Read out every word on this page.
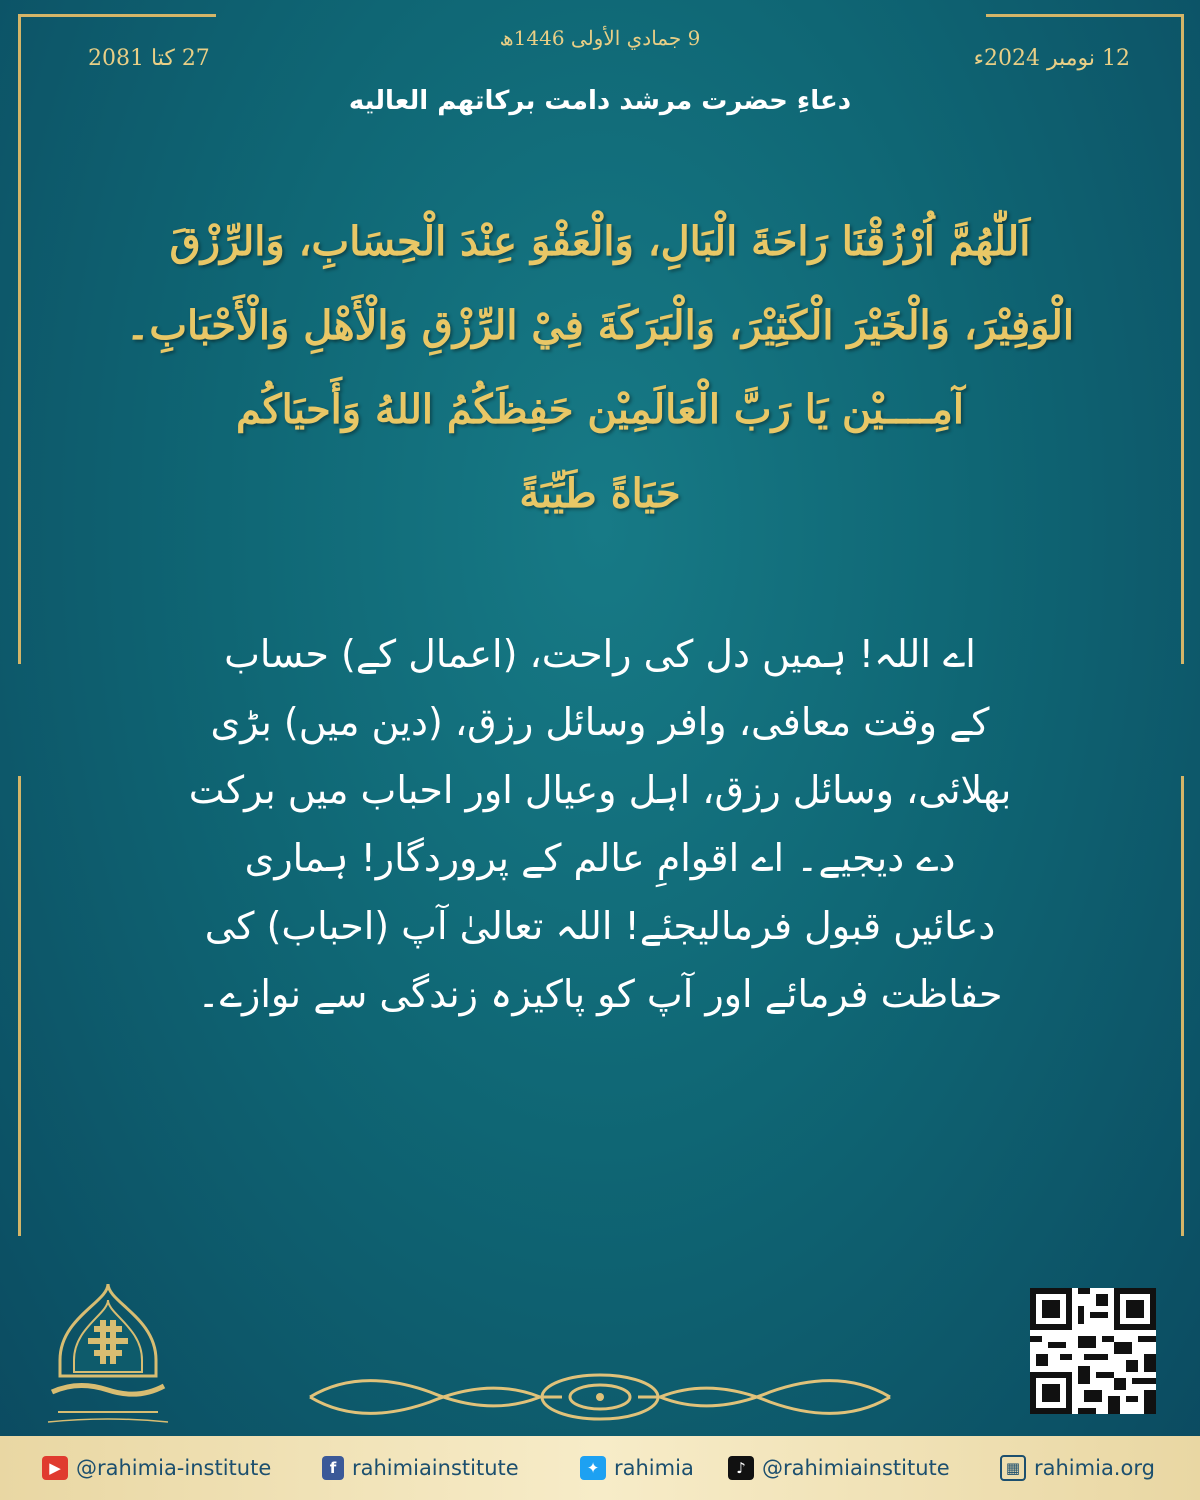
9 جمادي الأولى 1446ھ
12 نومبر 2024ء
27 کتا 2081
دعاءِ حضرت مرشد دامت برکاتهم العالیه
اَللّٰهُمَّ اُرْزُقْنَا رَاحَةَ الْبَالِ، وَالْعَفْوَ عِنْدَ الْحِسَابِ، وَالرِّزْقَ
الْوَفِيْرَ، وَالْخَيْرَ الْكَثِيْرَ، وَالْبَرَكَةَ فِيْ الرِّزْقِ وَالْأَهْلِ وَالْأَحْبَابِ۔
آمِــــيْن يَا رَبَّ الْعَالَمِيْن حَفِظَكُمُ اللهُ وَأَحيَاكُم
حَيَاةً طَيِّبَةً
اے اللہ! ہمیں دل کی راحت، (اعمال کے) حساب
کے وقت معافی، وافر وسائل رزق، (دین میں) بڑی
بھلائی، وسائل رزق، اہل وعیال اور احباب میں برکت
دے دیجیے۔ اے اقوامِ عالم کے پروردگار! ہماری
دعائیں قبول فرمالیجئے! اللہ تعالیٰ آپ (احباب) کی
حفاظت فرمائے اور آپ کو پاکیزہ زندگی سے نوازے۔
▶ @rahimia-institute	f rahimiainstitute	✦ rahimia	♪ @rahimiainstitute	▦ rahimia.org
